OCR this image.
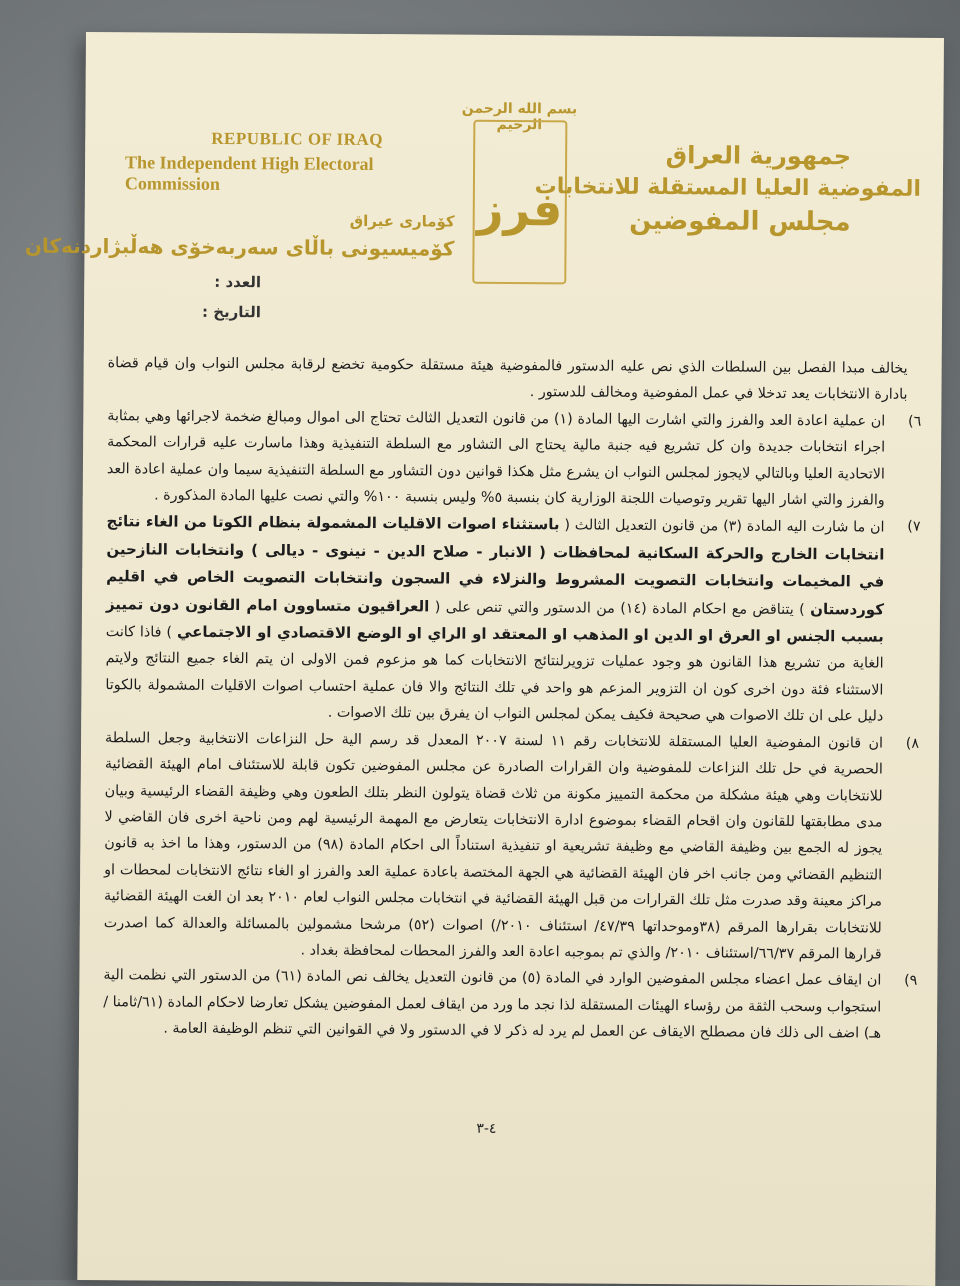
REPUBLIC OF IRAQ
The Independent High Electoral Commission
كۆماری عیراق
كۆمیسیونی باڵای سەربەخۆی هەڵبژاردنەكان
بسم الله الرحمن الرحيم
فرز
جمهورية العراق
المفوضية العليا المستقلة للانتخابات
مجلس المفوضين
العدد :
التاريخ :

يخالف مبدا الفصل بين السلطات الذي نص عليه الدستور فالمفوضية هيئة مستقلة حكومية تخضع لرقابة مجلس النواب وان قيام قضاة بادارة الانتخابات يعد تدخلا في عمل المفوضية ومخالف للدستور .

٦)
ان عملية اعادة العد والفرز والتي اشارت اليها المادة (١) من قانون التعديل الثالث تحتاج الى اموال ومبالغ ضخمة لاجرائها وهي بمثابة اجراء انتخابات جديدة وان كل تشريع فيه جنبة مالية يحتاج الى التشاور مع السلطة التنفيذية وهذا ماسارت عليه قرارات المحكمة الاتحادية العليا وبالتالي لايجوز لمجلس النواب ان يشرع مثل هكذا قوانين دون التشاور مع السلطة التنفيذية سيما وان عملية اعادة العد والفرز والتي اشار اليها تقرير وتوصيات اللجنة الوزارية كان بنسبة ٥% وليس بنسبة ١٠٠% والتي نصت عليها المادة المذكورة .
٧)
ان ما شارت اليه المادة (٣) من قانون التعديل الثالث ( باستثناء اصوات الاقليات المشمولة بنظام الكوتا من الغاء نتائج انتخابات الخارج والحركة السكانية لمحافظات ( الانبار - صلاح الدين - نينوى - ديالى ) وانتخابات النازحين في المخيمات وانتخابات التصويت المشروط والنزلاء في السجون وانتخابات التصويت الخاص في اقليم كوردستان ) يتناقض مع احكام المادة (١٤) من الدستور والتي تنص على ( العراقيون متساوون امام القانون دون تمييز بسبب الجنس او العرق او الدين او المذهب او المعتقد او الراي او الوضع الاقتصادي او الاجتماعي ) فاذا كانت الغاية من تشريع هذا القانون هو وجود عمليات تزويرلنتائج الانتخابات كما هو مزعوم فمن الاولى ان يتم الغاء جميع النتائج ولايتم الاستثناء فئة دون اخرى كون ان التزوير المزعم هو واحد في تلك النتائج والا فان عملية احتساب اصوات الاقليات المشمولة بالكوتا دليل على ان تلك الاصوات هي صحيحة فكيف يمكن لمجلس النواب ان يفرق بين تلك الاصوات .
٨)
ان قانون المفوضية العليا المستقلة للانتخابات رقم ١١ لسنة ٢٠٠٧ المعدل قد رسم الية حل النزاعات الانتخابية وجعل السلطة الحصرية في حل تلك النزاعات للمفوضية وان القرارات الصادرة عن مجلس المفوضين تكون قابلة للاستئناف امام الهيئة القضائية للانتخابات وهي هيئة مشكلة من محكمة التمييز مكونة من ثلاث قضاة يتولون النظر بتلك الطعون وهي وظيفة القضاء الرئيسية وبيان مدى مطابقتها للقانون وان اقحام القضاء بموضوع ادارة الانتخابات يتعارض مع المهمة الرئيسية لهم ومن ناحية اخرى فان القاضي لا يجوز له الجمع بين وظيفة القاضي مع وظيفة تشريعية او تنفيذية استناداً الى احكام المادة (٩٨) من الدستور، وهذا ما اخذ به قانون التنظيم القضائي ومن جانب اخر فان الهيئة القضائية هي الجهة المختصة باعادة عملية العد والفرز او الغاء نتائج الانتخابات لمحطات او مراكز معينة وقد صدرت مثل تلك القرارات من قبل الهيئة القضائية في انتخابات مجلس النواب لعام ٢٠١٠ بعد ان الغت الهيئة القضائية للانتخابات بقرارها المرقم (٣٨وموحداتها ٤٧/٣٩/ استئناف ٢٠١٠/) اصوات (٥٢) مرشحا مشمولين بالمسائلة والعدالة كما اصدرت قرارها المرقم ٦٦/٣٧/استئناف ٢٠١٠/ والذي تم بموجبه اعادة العد والفرز المحطات لمحافظة بغداد .
٩)
ان ايقاف عمل اعضاء مجلس المفوضين الوارد في المادة (٥) من قانون التعديل يخالف نص المادة (٦١) من الدستور التي نظمت الية استجواب وسحب الثقة من رؤساء الهيئات المستقلة لذا نجد ما ورد من ايقاف لعمل المفوضين يشكل تعارضا لاحكام المادة (٦١/ثامنا /هـ) اضف الى ذلك فان مصطلح الايقاف عن العمل لم يرد له ذكر لا في الدستور ولا في القوانين التي تنظم الوظيفة العامة .
٤-٣
